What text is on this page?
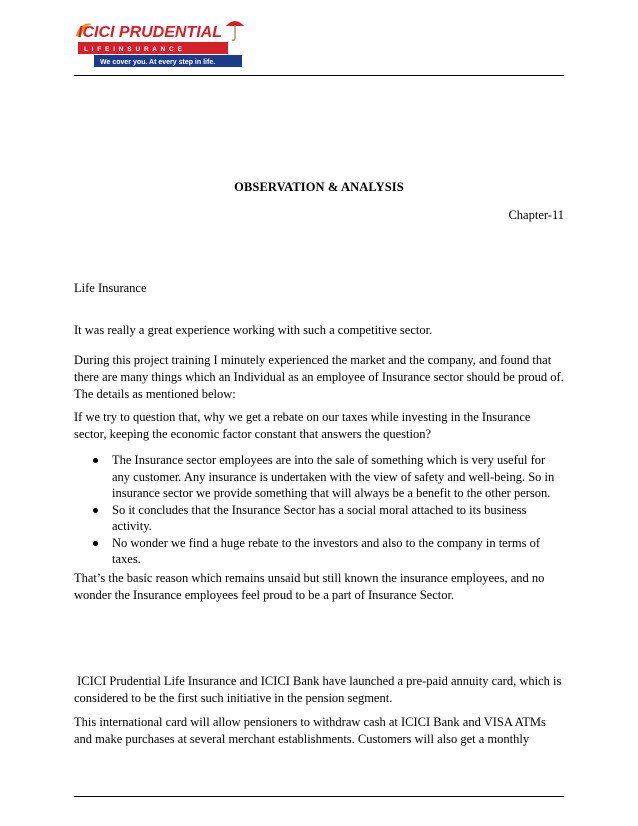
ICICI PRUDENTIAL
L I F E I N S U R A N C E
We cover you. At every step in life.
OBSERVATION & ANALYSIS
Chapter-11

Life Insurance

It was really a great experience working with such a competitive sector.

During this project training I minutely experienced the market and the company, and found that there are many things which an Individual as an employee of Insurance sector should be proud of. The details as mentioned below:

If we try to question that, why we get a rebate on our taxes while investing in the Insurance sector, keeping the economic factor constant that answers the question?

The Insurance sector employees are into the sale of something which is very useful for any customer. Any insurance is undertaken with the view of safety and well-being. So in insurance sector we provide something that will always be a benefit to the other person.
So it concludes that the Insurance Sector has a social moral attached to its business activity.
No wonder we find a huge rebate to the investors and also to the company in terms of taxes.

That’s the basic reason which remains unsaid but still known the insurance employees, and no wonder the Insurance employees feel proud to be a part of Insurance Sector.

ICICI Prudential Life Insurance and ICICI Bank have launched a pre-paid annuity card, which is considered to be the first such initiative in the pension segment.

This international card will allow pensioners to withdraw cash at ICICI Bank and VISA ATMs and make purchases at several merchant establishments. Customers will also get a monthly
